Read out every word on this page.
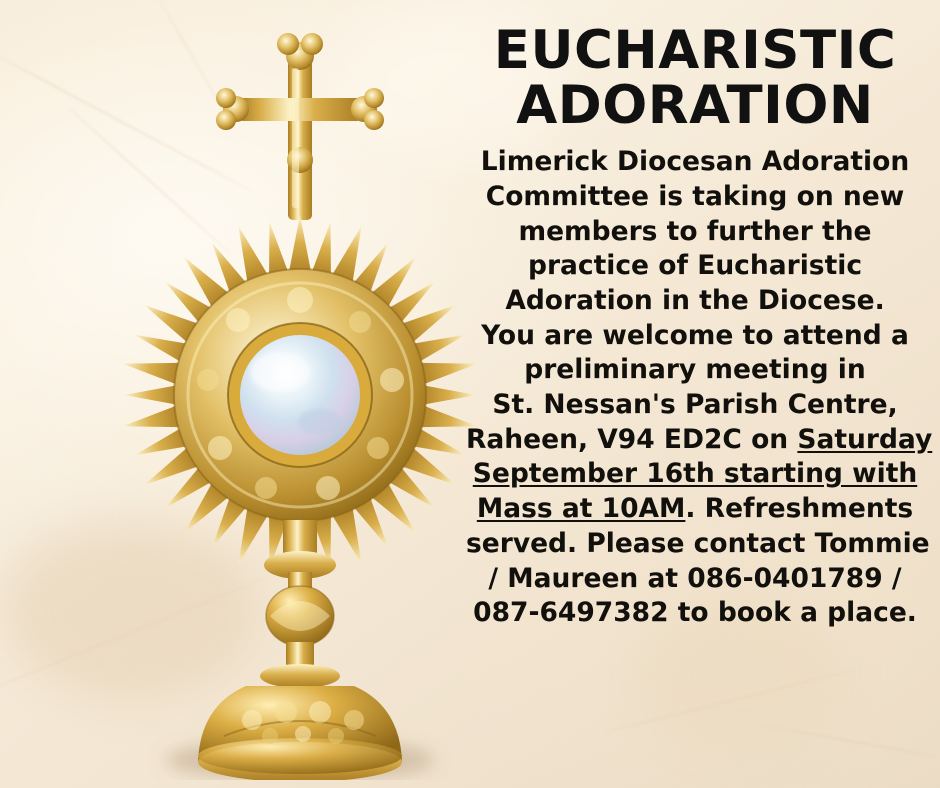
EUCHARISTIC
ADORATION
Limerick Diocesan Adoration
Committee is taking on new
members to further the
practice of Eucharistic
Adoration in the Diocese.
You are welcome to attend a
preliminary meeting in
St. Nessan's Parish Centre,
Raheen, V94 ED2C on Saturday
September 16th starting with
Mass at 10AM. Refreshments
served. Please contact Tommie
/ Maureen at 086-0401789 /
087-6497382 to book a place.
